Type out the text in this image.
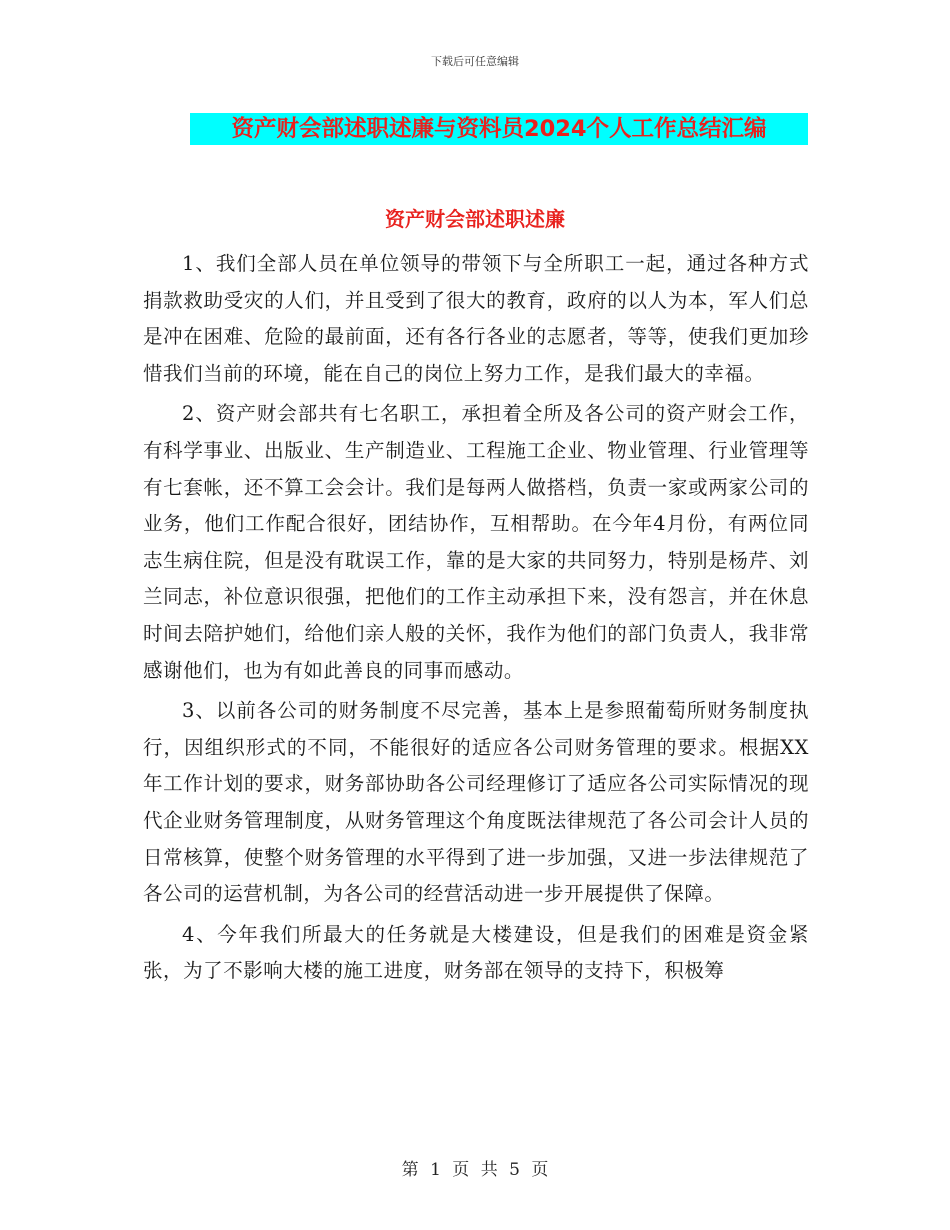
下载后可任意编辑
资产财会部述职述廉与资料员2024个人工作总结汇编
资产财会部述职述廉

1、我们全部人员在单位领导的带领下与全所职工一起，通过各种方式捐款救助受灾的人们，并且受到了很大的教育，政府的以人为本，军人们总是冲在困难、危险的最前面，还有各行各业的志愿者，等等，使我们更加珍惜我们当前的环境，能在自己的岗位上努力工作，是我们最大的幸福。

2、资产财会部共有七名职工，承担着全所及各公司的资产财会工作，有科学事业、出版业、生产制造业、工程施工企业、物业管理、行业管理等有七套帐，还不算工会会计。我们是每两人做搭档，负责一家或两家公司的业务，他们工作配合很好，团结协作，互相帮助。在今年4月份，有两位同志生病住院，但是没有耽误工作，靠的是大家的共同努力，特别是杨芹、刘兰同志，补位意识很强，把他们的工作主动承担下来，没有怨言，并在休息时间去陪护她们，给他们亲人般的关怀，我作为他们的部门负责人，我非常感谢他们，也为有如此善良的同事而感动。

3、以前各公司的财务制度不尽完善，基本上是参照葡萄所财务制度执行，因组织形式的不同，不能很好的适应各公司财务管理的要求。根据XX年工作计划的要求，财务部协助各公司经理修订了适应各公司实际情况的现代企业财务管理制度，从财务管理这个角度既法律规范了各公司会计人员的日常核算，使整个财务管理的水平得到了进一步加强，又进一步法律规范了各公司的运营机制，为各公司的经营活动进一步开展提供了保障。

4、今年我们所最大的任务就是大楼建设，但是我们的困难是资金紧张，为了不影响大楼的施工进度，财务部在领导的支持下，积极筹

第 1 页 共 5 页
